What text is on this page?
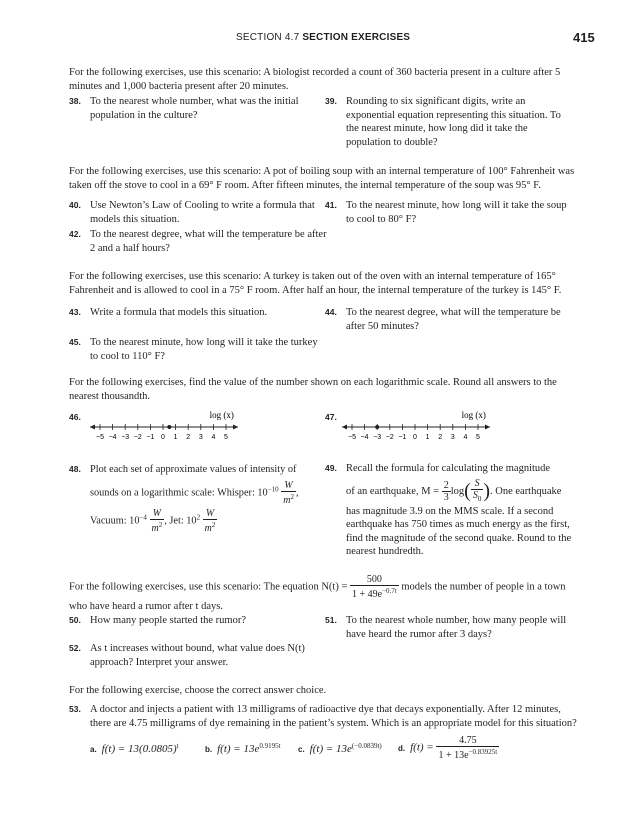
SECTION 4.7 SECTION EXERCISES	415
For the following exercises, use this scenario: A biologist recorded a count of 360 bacteria present in a culture after 5 minutes and 1,000 bacteria present after 20 minutes.
38. To the nearest whole number, what was the initial population in the culture?
39. Rounding to six significant digits, write an exponential equation representing this situation. To the nearest minute, how long did it take the population to double?
For the following exercises, use this scenario: A pot of boiling soup with an internal temperature of 100° Fahrenheit was taken off the stove to cool in a 69° F room. After fifteen minutes, the internal temperature of the soup was 95° F.
40. Use Newton’s Law of Cooling to write a formula that models this situation.
41. To the nearest minute, how long will it take the soup to cool to 80° F?
42. To the nearest degree, what will the temperature be after 2 and a half hours?
For the following exercises, use this scenario: A turkey is taken out of the oven with an internal temperature of 165° Fahrenheit and is allowed to cool in a 75° F room. After half an hour, the internal temperature of the turkey is 145° F.
43. Write a formula that models this situation.	44. To the nearest degree, what will the temperature be after 50 minutes?
45. To the nearest minute, how long will it take the turkey to cool to 110° F?
For the following exercises, find the value of the number shown on each logarithmic scale. Round all answers to the nearest thousandth.
46.	log (x)
−5 −4 −3 −2 −1 0 1 2 3 4 5
47.	log (x)
−5 −4 −3 −2 −1 0 1 2 3 4 5
48. Plot each set of approximate values of intensity of
sounds on a logarithmic scale: Whisper: $10^{-10} \frac{W}{m^2}$ ,
Vacuum: $10^{-4} \frac{W}{m^2}$ , Jet: $10^2 \frac{W}{m^2}$
49. Recall the formula for calculating the magnitude
of an earthquake, $M = \frac{2}{3} \log( \frac{S}{S_0}$ ). One earthquake
has magnitude 3.9 on the MMS scale. If a second earthquake has 750 times as much energy as the first, find the magnitude of the second quake. Round to the nearest hundredth.
For the following exercises, use this scenario: The equation $N(t) = \frac{500}{1 + 49e^{-0.7t}}$ models the number of people in a town
who have heard a rumor after t days.
50. How many people started the rumor?	51. To the nearest whole number, how many people will have heard the rumor after 3 days?
52. As t increases without bound, what value does N(t) approach? Interpret your answer.
For the following exercise, choose the correct answer choice.
53. A doctor and injects a patient with 13 milligrams of radioactive dye that decays exponentially. After 12 minutes, there are 4.75 milligrams of dye remaining in the patient’s system. Which is an appropriate model for this situation?
a. $f(t) = 13(0.0805)^t$	b. $f(t) = 13e^{0.9195t}$ c. $f(t) = 13e^{(-0.0839t)}$ d. $f(t) = \frac{4.75}{1 + 13e^{-0.83925t}}$
